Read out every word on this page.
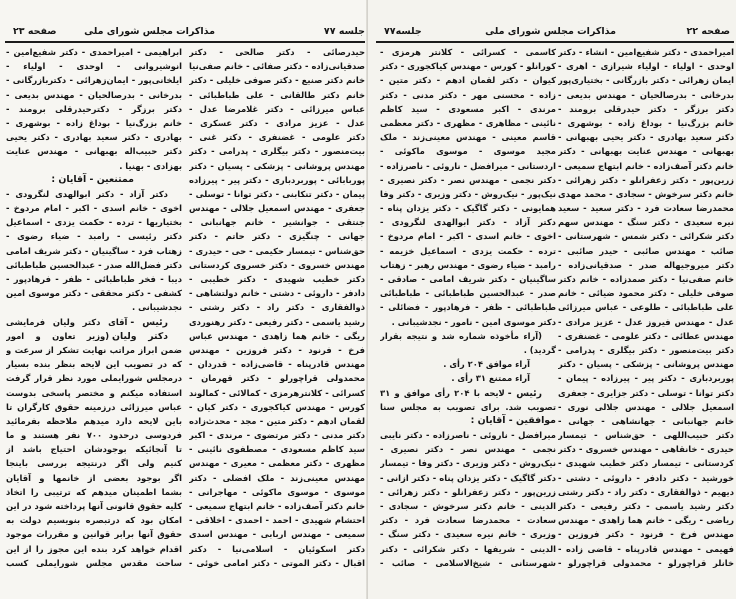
جلسه ۷۷
مذاکرات مجلس شورای ملی
صفحه ۲۳
حیدرصائی - دکتر صالحی - دکتر
صدقیانی‌زاده - دکتر صفائی - خانم صفی‌نیا
خانم دکتر صنیع - دکتر صوفی خلیلی - دکتر
خانم دکتر طالقانی - علی طباطبائی -
عباس میرزائی - دکتر غلامرضا عدل -
عدل - عزیز مرادی - دکتر عسکری -
دکتر علومی - غضنفری - دکتر غنی -
بیت‌منصور - دکتر بیگلری - پدرامی - دکتر
مهندس پروشانی - پزشکی - پسیان - دکتر
پوربابائی - پوربردباری - دکتر پیر - پیرزاده
پیمان - دکتر تنکابنی - دکتر توانا - توسلی -
جعفری - مهندس اسمعیل جلالی - مهندس
جنتقی - جوانشیر - خانم جهانبانی -
جهانی - چنگیزی - دکتر حاتم - دکتر
حق‌شناس - تیمسار حکیمی - حی - حیدری -
مهندس خسروی - دکتر خسروی کردستانی
دکتر خطیب شهیدی - دکتر خطیبی -
دادفر - داروئی - دشتی - خانم دولتشاهی -
ذوالفقاری - دکتر راد - دکتر رشتی -
رشید یاسمی - دکتر رفیعی - دکتر رهنوردی
ریگی - خانم هما زاهدی - مهندس عباس
فرخ - فرنود - دکتر فروزین - مهندس
مهندس قادرپناه - قاضی‌زاده - قدردان -
محمدولی قراچورلو - دکتر قهرمان -
کسرائی - کلانترهرمزی - کمالائی - کمالوند
کورس - مهندس کیاکجوری - دکتر کیان -
لقمان ادهم - دکتر متین - مجد - محدث‌زاده
دکتر مدنی - دکتر مرتضوی - مرندی - اکبر
سید کاظم مسعودی - مصطفوی نائینی -
مظهری - دکتر معظمی - معیری - مهندس
مهندس معینی‌زند - ملک افضلی - دکتر
موسوی - موسوی ماکوئی - مهاجرانی -
خانم دکتر آصف‌زاده - خانم ابتهاج سمیعی -
احتشام شهیدی - احمد - احمدی - اخلاقی -
سمیعی - مهندس اربابی - مهندس اسدی
دکتر اسکوئیان - اسلامی‌نیا - دکتر
اقبال - دکتر الموتی - دکتر امامی خوئی -
ابراهیمی - امیراحمدی - دکتر شفیع‌امین -
انوشیروانی - اوحدی - اولیاء -
ایلخانی‌پور - ایمان‌زهرائی - دکتربازرگانی -
بدرخانی - بدرصالحیان - مهندس بدیعی -
دکتر برزگر - دکترحیدرقلی برومند -
خانم بزرگ‌نیا - بوداغ زاده - بوشهری -
بهادری - دکتر سعید بهادری - دکتر یحیی
دکتر حبیب‌اله بهبهانی - مهندس عنایت
بهزادی - بهنیا .
ممتنعین - آقایان :
دکتر آزاد - دکتر ابوالهدی لنگرودی -
اخوی - خانم اسدی - اکبر - امام مردوخ -
بختیاریها - ترده - حکمت یزدی - اسماعیل
دکتر رئیسی - رامبد - ضیاء رضوی -
زهتاب فرد - ساگینیان - دکتر شریف امامی
دکتر فضل‌الله صدر - عبدالحسین طباطبائی
دیبا - فخر طباطبائی - ظفر - فرهادپور -
کشفی - دکتر محققی - دکتر موسوی امین
نجدشیبانی .
رئیس -آقای دکتر ولیان فرمایشی
دکتر ولیان(وزیر تعاون و امور
ضمن ابراز مراتب نهایت تشکر از سرعت و
که در تصویب این لایحه بنظر بنده بسیار
درمجلس شورایملی مورد نظر قرار گرفت
استفاده میکنم و مختصر پاسخی بدوست
عباس میرزائی درزمینه حقوق کارگران تا
باین لایحه دارد میدهم ملاحظه بفرمائید
فردوسی درحدود ۷۰۰ نفر هستند و ما
تا آنجائیکه بوجودشان احتیاج باشد از
کنیم ولی اگر درنتیجه بررسی باینجا
اگر بوجود بعضی از خانمها و آقایان
بشما اطمینان میدهم که ترتیبی را اتخاذ
کلیه حقوق قانونی آنها پرداخته شود در این
امکان بود که درتبصره بنویسیم دولت به
حقوق آنها برابر قوانین و مقررات موجود
اقدام خواهد کرد بنده این مجوز را از این
ساحت مقدس مجلس شورایملی کسب
جلسه۷۷	مذاکرات مجلس شورای ملی	صفحه ۲۲
امیراحمدی - دکتر شفیع‌امین - انشاء - دکتر
اوحدی - اولیاء - اولیاء شیرازی - اهری -
ایمان زهرائی - دکتر بازرگانی - بختیاری‌پور
بدرخانی - بدرصالحیان - مهندس بدیعی -
دکتر برزگر - دکتر حیدرقلی برومند -
خانم بزرگ‌نیا - بوداغ زاده - بوشهری -
دکتر سعید بهادری - دکتر یحیی بهبهانی -
بهبهانی - مهندس عنایت بهبهانی - دکتر
خانم دکتر آصف‌زاده - خانم ابتهاج سمیعی -
زرین‌پور - دکتر زعفرانلو - دکتر زهرائی -
خانم دکتر سرخوش - سجادی - محمد مهدی
محمدرضا سعادت فرد - دکتر سعید - سعید
نیره سعیدی - دکتر سنگ - مهندس سهم
دکتر شکرائی - دکتر شمس - شهرستانی -
صائب - مهندس صائبی - حیدر صائبی -
دکتر میروجیهاله صدر - صدقیانی‌زاده -
خانم صفی‌نیا - دکتر صمدزاده - خانم دکتر
صوفی خلیلی - دکتر محمود ضیائی - خانم
علی طباطبائی - طلوعی - عباس میرزائی
عدل - مهندس فیروز عدل - عزیز مرادی -
مهندس عطائی - دکتر علومی - غضنفری -
دکتر بیت‌منصور - دکتر بیگلری - پدرامی -
مهندس پروشانی - پزشکی - پسیان - دکتر
پوربردباری - دکتر پیر - پیرزاده - پیمان -
دکتر توانا - توسلی - دکتر جزایری - جعفری
اسمعیل جلالی - مهندس جلالی نوری -
خانم جهانبانی - جهانشاهی - جهانی -
دکتر حبیب‌اللهی - حق‌شناس - تیمسار
حیدری - خانقاهی - مهندس خسروی - دکتر
کردستانی - تیمسار دکتر خطیب شهیدی -
خورشید - دکتر دادفر - داروئی - دشتی -
دیهیم - ذوالفقاری - دکتر راد - دکتر رشتی
دکتر رشید یاسمی - دکتر رفیعی - دکتر
ریاضی - ریگی - خانم هما زاهدی - مهندس
مهندس فرخ - فرنود - دکتر فروزین -
فهیمی - مهندس قادرپناه - قاضی زاده -
خانلر قراچورلو - محمدولی قراچورلو -
کاسمی - کسرائی - کلانتر هرمزی -
کورانلو - کورس - مهندس کیاکجوری - دکتر
کیوان - دکتر لقمان ادهم - دکتر متین -
زاده - محسنی مهر - دکتر مدنی - دکتر
مرندی - اکبر مسعودی - سید کاظم
نائینی - مظاهری - مظهری - دکتر معظمی
قاسم معینی - مهندس معینی‌زند - ملک
مجید موسوی - موسوی ماکوئی -
اردستانی - میرافضل - ناروئی - ناصرزاده -
دکتر نجمی - مهندس نصر - دکتر نصیری -
نیک‌پور - نیک‌روش - دکتر وزیری - دکتر وفا
همایونی - دکتر گاگیک - دکتر یزدان پناه -
دکتر آزاد - دکتر ابوالهدی لنگرودی -
اخوی - خانم اسدی - اکبر - امام مردوخ -
ترده - حکمت یزدی - اسماعیل خزیمه -
رامبد - ضیاء رضوی - مهندس رهبر - زهتاب
ساگینیان - دکتر شریف امامی - صادقی -
صدر - عبدالحسین طباطبائی - طباطبائی
طباطبائی - ظفر - فرهادپور - فضائلی -
دکتر موسوی امین - نامور - نجدشیبانی .
(آراء مأخوذه شماره شد و نتیجه بقرار
گردید) .
آراء موافق ۲۰۴ رأی .
آراء ممتنع ۳۱ رأی .
رئیس -لایحه با ۲۰۴ رأی موافق و ۳۱
تصویب شد. برای تصویب به مجلس سنا
موافقین - آقایان :
میرافضل - ناروئی - ناصرزاده - دکتر نایبی
نجمی - مهندس نصر - دکتر نصیری -
نیک‌روش - دکتر وزیری - دکتر وفا - تیمسار
دکتر گاگیک - دکتر یزدان پناه - دکتر ازانی -
زرین‌پور - دکتر زعفرانلو - دکتر زهرائی -
الدینی - خانم دکتر سرخوش - سجادی -
سعادت - محمدرضا سعادت فرد - دکتر
وزیری - خانم نیره سعیدی - دکتر سنگ -
الدینی - شریفها - دکتر شکرائی - دکتر
شهرستانی - شیخ‌الاسلامی - صائب -
